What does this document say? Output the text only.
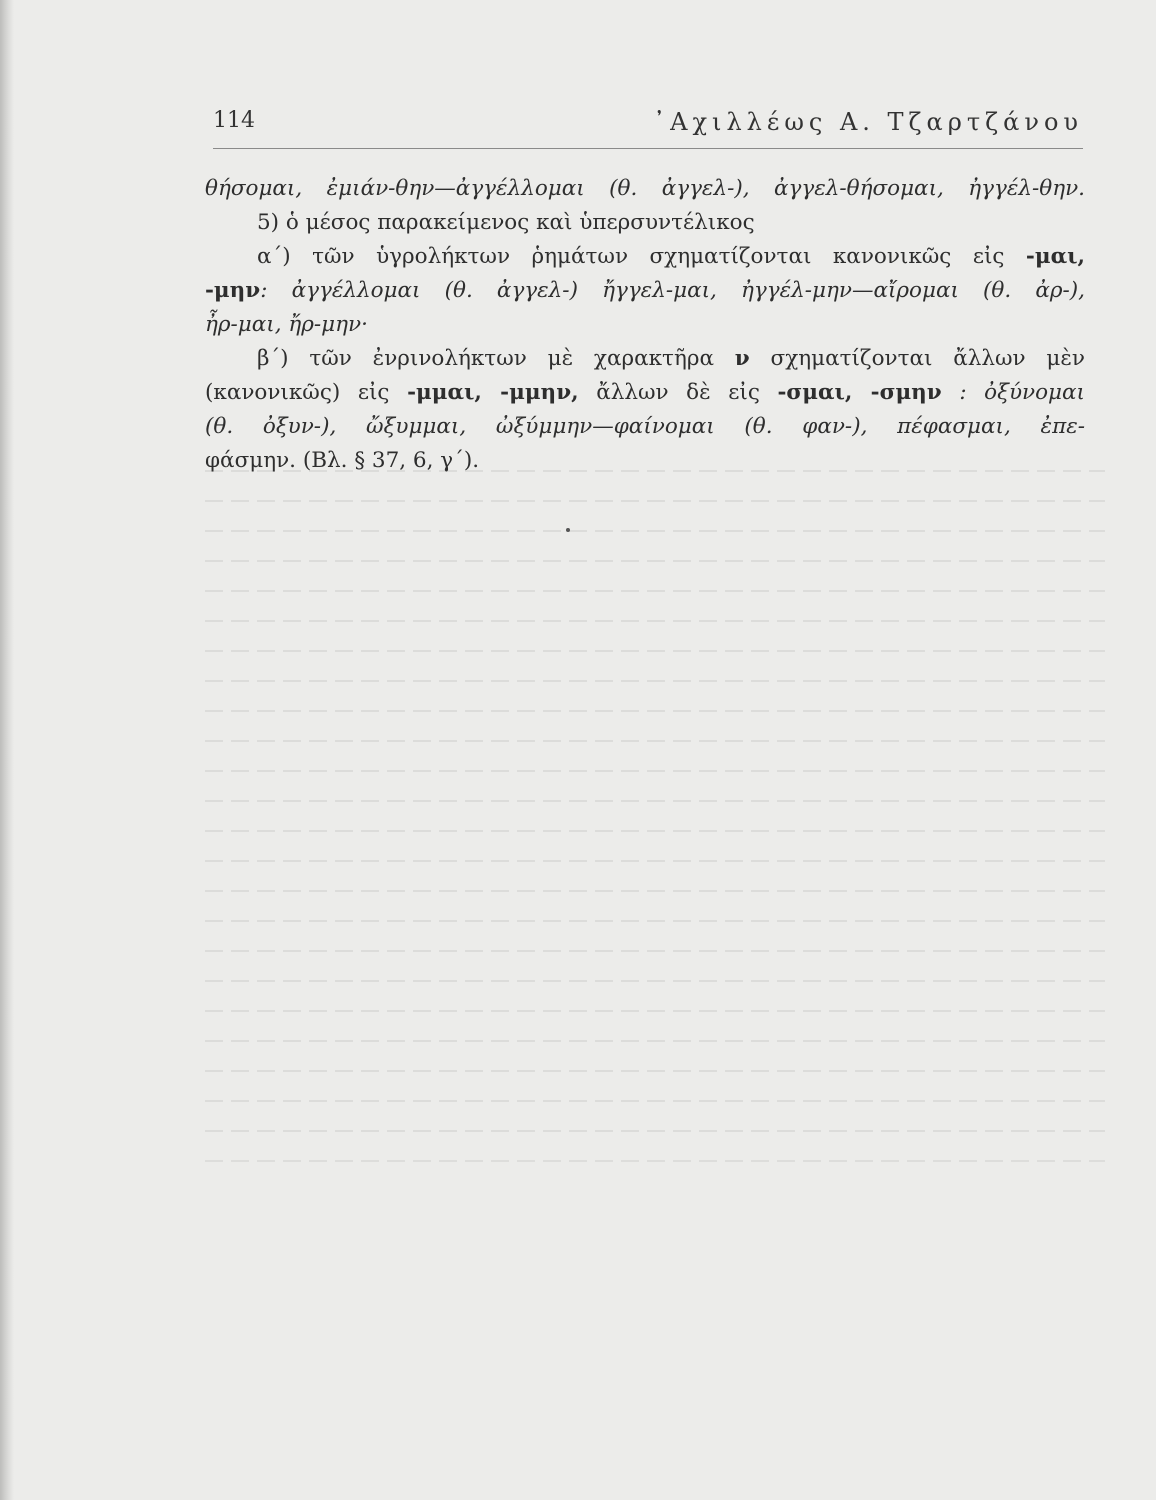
114	᾿Αχιλλέως Α. Τζαρτζάνου
θήσομαι, ἐμιάν-θην—ἀγγέλλομαι (θ. ἀγγελ-), ἀγγελ-θήσομαι, ἠγγέλ-θην.
5) ὁ μέσος παρακείμενος καὶ ὑπερσυντέλικος
α´) τῶν ὑγρολήκτων ῥημάτων σχηματίζονται κανονικῶς εἰς -μαι,
-μην: ἀγγέλλομαι (θ. ἀγγελ-) ἤγγελ-μαι, ἠγγέλ-μην—αἴρομαι (θ. ἀρ-),
ἦρ-μαι, ἤρ-μην·
β´) τῶν ἐνρινολήκτων μὲ χαρακτῆρα ν σχηματίζονται ἄλλων μὲν
(κανονικῶς) εἰς -μμαι, -μμην, ἄλλων δὲ εἰς -σμαι, -σμην : ὀξύνομαι
(θ. ὀξυν-), ὤξυμμαι, ὠξύμμην—φαίνομαι (θ. φαν-), πέφασμαι, ἐπε-
φάσμην. (Βλ. § 37, 6, γ´).
